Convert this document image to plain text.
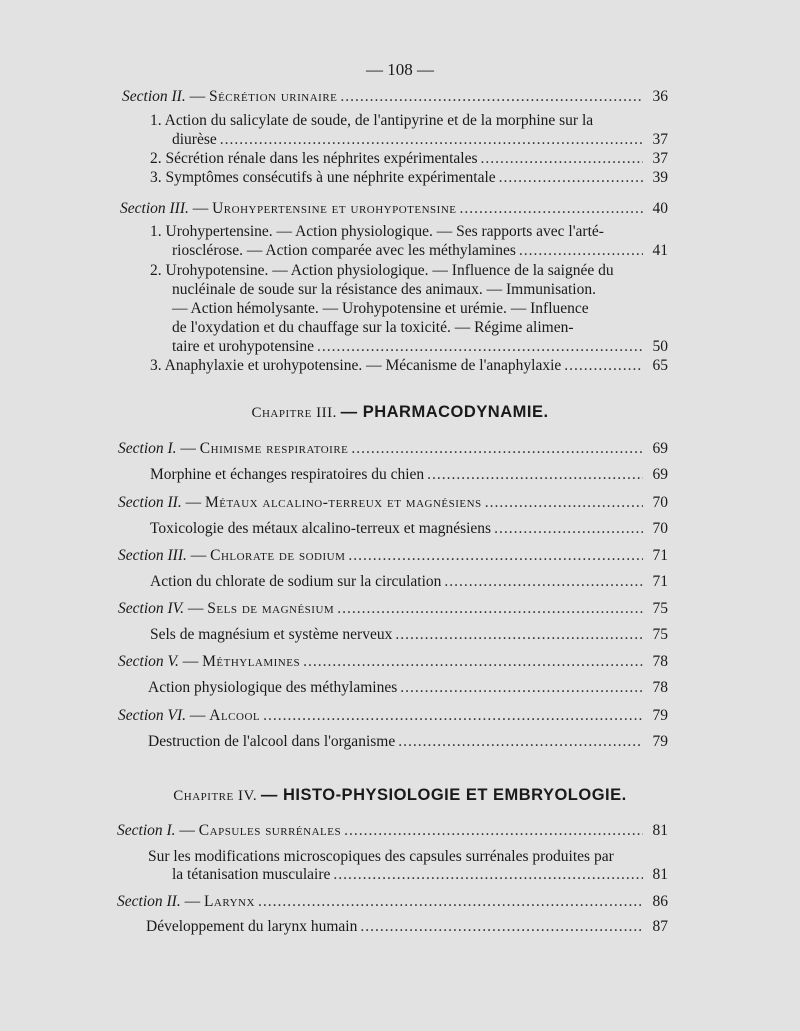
— 108 —
Section II. — Sécrétion urinaire .....	36
1. Action du salicylate de soude, de l'antipyrine et de la morphine sur la
diurèse .....	37
2. Sécrétion rénale dans les néphrites expérimentales .....	37
3. Symptômes consécutifs à une néphrite expérimentale .....	39
Section III. — Urohypertensine et urohypotensine .....	40
1. Urohypertensine. — Action physiologique. — Ses rapports avec l'arté-
riosclérose. — Action comparée avec les méthylamines .....	41
2. Urohypotensine. — Action physiologique. — Influence de la saignée du
nucléinale de soude sur la résistance des animaux. — Immunisation.
— Action hémolysante. — Urohypotensine et urémie. — Influence
de l'oxydation et du chauffage sur la toxicité. — Régime alimen-
taire et urohypotensine .....	50
3. Anaphylaxie et urohypotensine. — Mécanisme de l'anaphylaxie .....	65
Chapitre III. — PHARMACODYNAMIE.
Section I. — Chimisme respiratoire .....	69
Morphine et échanges respiratoires du chien .....	69
Section II. — Métaux alcalino-terreux et magnésiens .....	70
Toxicologie des métaux alcalino-terreux et magnésiens .....	70
Section III. — Chlorate de sodium .....	71
Action du chlorate de sodium sur la circulation .....	71
Section IV. — Sels de magnésium .....	75
Sels de magnésium et système nerveux .....	75
Section V. — Méthylamines .....	78
Action physiologique des méthylamines .....	78
Section VI. — Alcool .....	79
Destruction de l'alcool dans l'organisme .....	79
Chapitre IV. — HISTO-PHYSIOLOGIE ET EMBRYOLOGIE.
Section I. — Capsules surrénales .....	81
Sur les modifications microscopiques des capsules surrénales produites par
la tétanisation musculaire .....	81
Section II. — Larynx .....	86
Développement du larynx humain .....	87
